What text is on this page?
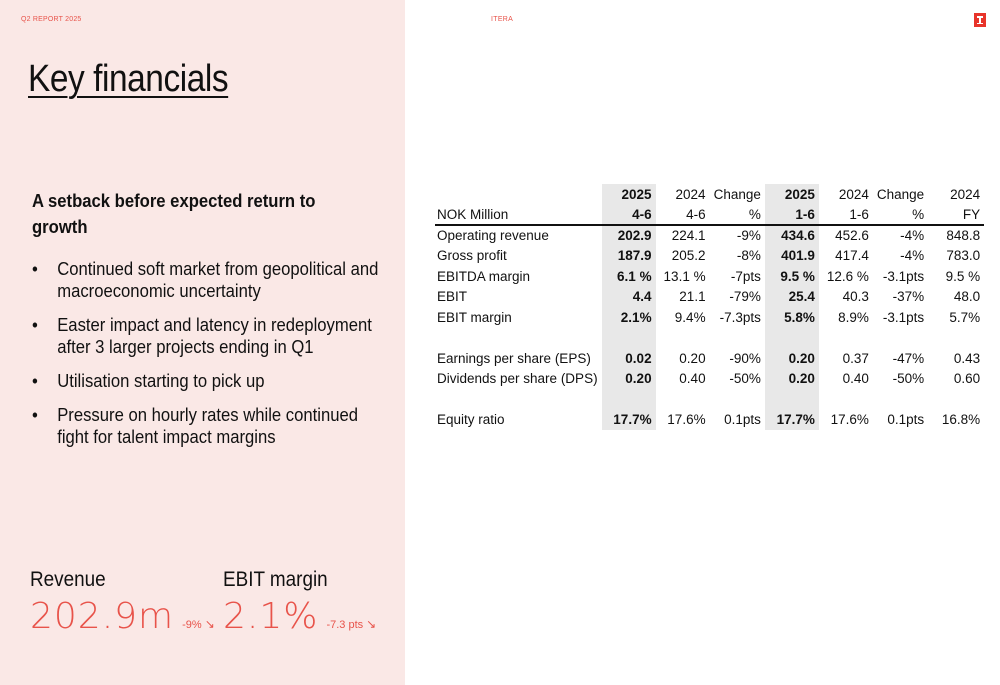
Q2 REPORT 2025	ITERA
Key financials
A setback before expected return to growth
• Continued soft market from geopolitical and macroeconomic uncertainty
• Easter impact and latency in redeployment after 3 larger projects ending in Q1
• Utilisation starting to pick up
• Pressure on hourly rates while continued fight for talent impact margins
Revenue
202.9m -9% ↘
EBIT margin
2.1% -7.3 pts ↘
	2025	2024	Change	2025	2024	Change	2024
NOK Million	4-6	4-6	%	1-6	1-6	%	FY
Operating revenue	202.9	224.1	-9%	434.6	452.6	-4%	848.8
Gross profit	187.9	205.2	-8%	401.9	417.4	-4%	783.0
EBITDA margin	6.1 %	13.1 %	-7pts	9.5 %	12.6 %	-3.1pts	9.5 %
EBIT	4.4	21.1	-79%	25.4	40.3	-37%	48.0
EBIT margin	2.1%	9.4%	-7.3pts	5.8%	8.9%	-3.1pts	5.7%

Earnings per share (EPS)	0.02	0.20	-90%	0.20	0.37	-47%	0.43
Dividends per share (DPS)	0.20	0.40	-50%	0.20	0.40	-50%	0.60

Equity ratio	17.7%	17.6%	0.1pts	17.7%	17.6%	0.1pts	16.8%
